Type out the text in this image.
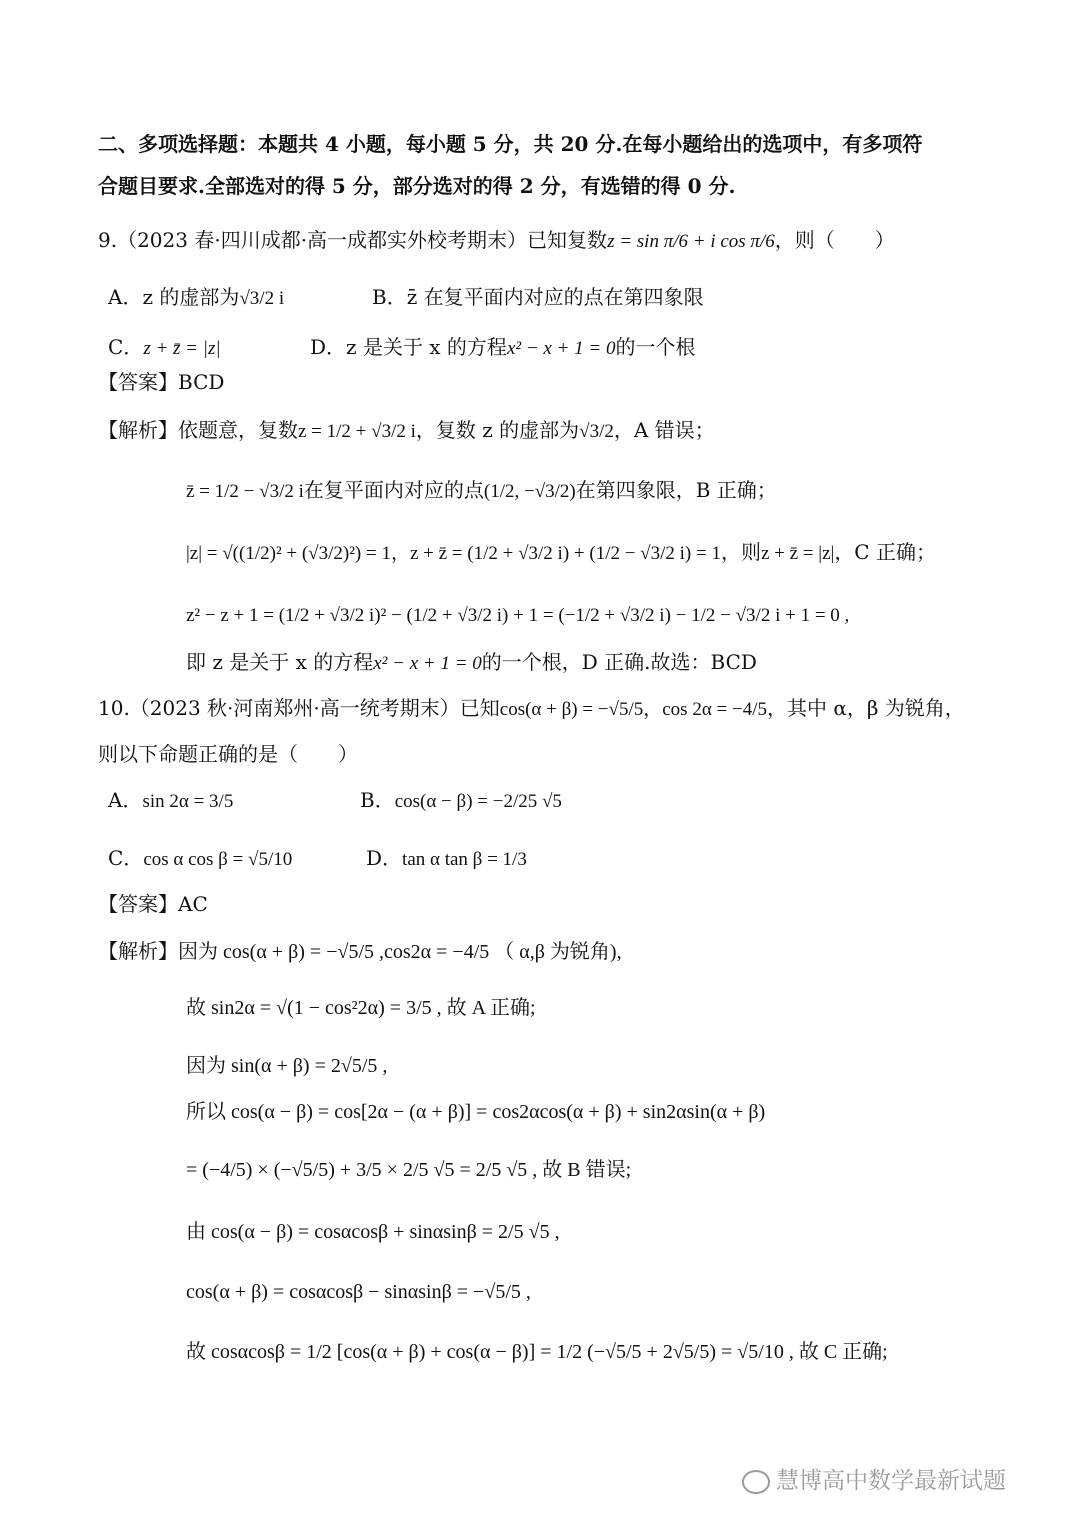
二、多项选择题：本题共 4 小题，每小题 5 分，共 20 分.在每小题给出的选项中，有多项符
合题目要求.全部选对的得 5 分，部分选对的得 2 分，有选错的得 0 分.
9.（2023 春·四川成都·高一成都实外校考期末）已知复数z = sin π/6 + i cos π/6，则（　　）
A．z 的虚部为√3/2 i	B．z̄ 在复平面内对应的点在第四象限
C．z + z̄ = |z|	D．z 是关于 x 的方程x² − x + 1 = 0的一个根
【答案】BCD
【解析】依题意，复数z = 1/2 + √3/2 i，复数 z 的虚部为√3/2，A 错误；
z̄ = 1/2 − √3/2 i在复平面内对应的点(1/2, −√3/2)在第四象限，B 正确；
|z| = √((1/2)² + (√3/2)²) = 1，z + z̄ = (1/2 + √3/2 i) + (1/2 − √3/2 i) = 1，则z + z̄ = |z|，C 正确；
z² − z + 1 = (1/2 + √3/2 i)² − (1/2 + √3/2 i) + 1 = (−1/2 + √3/2 i) − 1/2 − √3/2 i + 1 = 0 ,
即 z 是关于 x 的方程x² − x + 1 = 0的一个根，D 正确.故选：BCD
10.（2023 秋·河南郑州·高一统考期末）已知cos(α + β) = −√5/5，cos 2α = −4/5，其中 α，β 为锐角，
则以下命题正确的是（　　）
A．sin 2α = 3/5	B．cos(α − β) = −2/25 √5
C．cos α cos β = √5/10	D．tan α tan β = 1/3
【答案】AC
【解析】因为 cos(α + β) = −√5/5 ,cos2α = −4/5 （ α,β 为锐角),
故 sin2α = √(1 − cos²2α) = 3/5 , 故 A 正确;
因为 sin(α + β) = 2√5/5 ,
所以 cos(α − β) = cos[2α − (α + β)] = cos2αcos(α + β) + sin2αsin(α + β)
= (−4/5) × (−√5/5) + 3/5 × 2/5 √5 = 2/5 √5 , 故 B 错误;
由 cos(α − β) = cosαcosβ + sinαsinβ = 2/5 √5 ,
cos(α + β) = cosαcosβ − sinαsinβ = −√5/5 ,
故 cosαcosβ = 1/2 [cos(α + β) + cos(α − β)] = 1/2 (−√5/5 + 2√5/5) = √5/10 , 故 C 正确;
慧博高中数学最新试题
